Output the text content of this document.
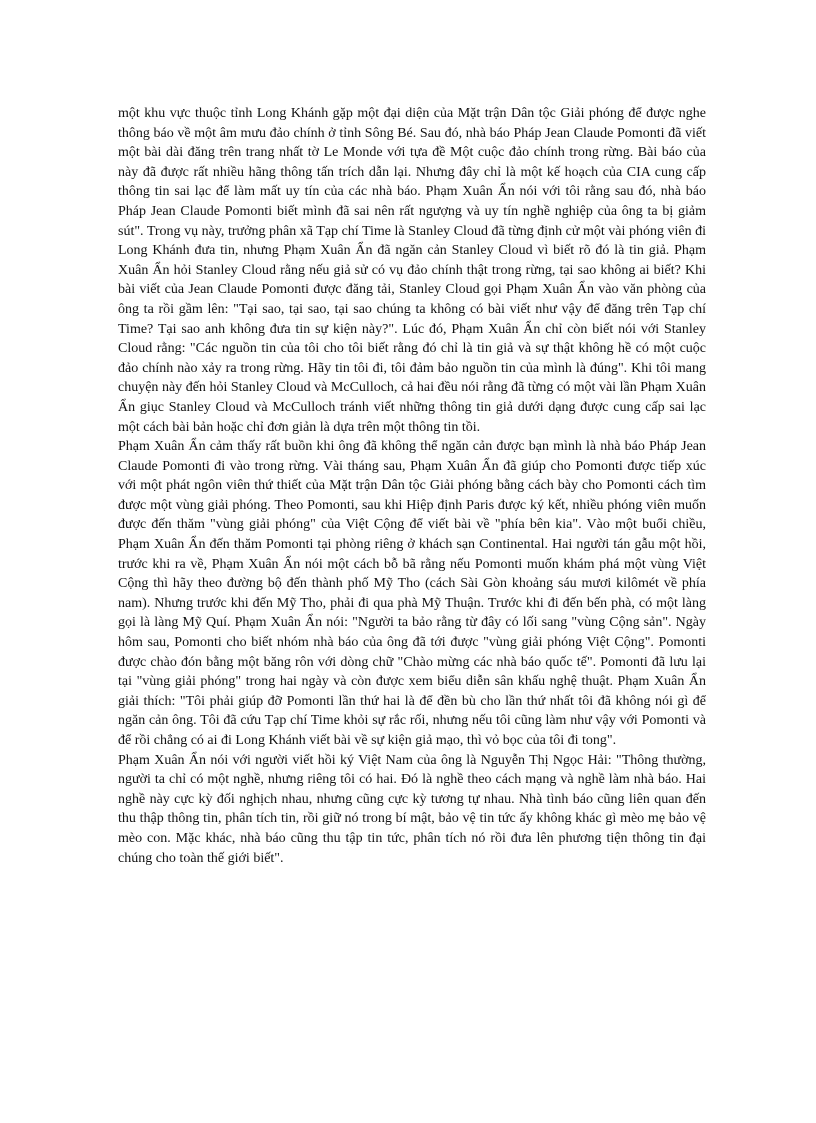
một khu vực thuộc tỉnh Long Khánh gặp một đại diện của Mặt trận Dân tộc Giải phóng để được nghe thông báo về một âm mưu đảo chính ở tỉnh Sông Bé. Sau đó, nhà báo Pháp Jean Claude Pomonti đã viết một bài dài đăng trên trang nhất tờ Le Monde với tựa đề Một cuộc đảo chính trong rừng. Bài báo của này đã được rất nhiều hãng thông tấn trích dẫn lại. Nhưng đây chỉ là một kế hoạch của CIA cung cấp thông tin sai lạc để làm mất uy tín của các nhà báo. Phạm Xuân Ẩn nói với tôi rằng sau đó, nhà báo Pháp Jean Claude Pomonti biết mình đã sai nên rất ngượng và uy tín nghề nghiệp của ông ta bị giảm sút". Trong vụ này, trưởng phân xã Tạp chí Time là Stanley Cloud đã từng định cử một vài phóng viên đi Long Khánh đưa tin, nhưng Phạm Xuân Ẩn đã ngăn cản Stanley Cloud vì biết rõ đó là tin giả. Phạm Xuân Ẩn hỏi Stanley Cloud rằng nếu giả sử có vụ đảo chính thật trong rừng, tại sao không ai biết? Khi bài viết của Jean Claude Pomonti được đăng tải, Stanley Cloud gọi Phạm Xuân Ẩn vào văn phòng của ông ta rồi gầm lên: "Tại sao, tại sao, tại sao chúng ta không có bài viết như vậy để đăng trên Tạp chí Time? Tại sao anh không đưa tin sự kiện này?". Lúc đó, Phạm Xuân Ẩn chỉ còn biết nói với Stanley Cloud rằng: "Các nguồn tin của tôi cho tôi biết rằng đó chỉ là tin giả và sự thật không hề có một cuộc đảo chính nào xảy ra trong rừng. Hãy tin tôi đi, tôi đảm bảo nguồn tin của mình là đúng". Khi tôi mang chuyện này đến hỏi Stanley Cloud và McCulloch, cả hai đều nói rằng đã từng có một vài lần Phạm Xuân Ẩn giục Stanley Cloud và McCulloch tránh viết những thông tin giả dưới dạng được cung cấp sai lạc một cách bài bản hoặc chỉ đơn giản là dựa trên một thông tin tồi.

Phạm Xuân Ẩn cảm thấy rất buồn khi ông đã không thể ngăn cản được bạn mình là nhà báo Pháp Jean Claude Pomonti đi vào trong rừng. Vài tháng sau, Phạm Xuân Ẩn đã giúp cho Pomonti được tiếp xúc với một phát ngôn viên thứ thiết của Mặt trận Dân tộc Giải phóng bằng cách bày cho Pomonti cách tìm được một vùng giải phóng. Theo Pomonti, sau khi Hiệp định Paris được ký kết, nhiều phóng viên muốn được đến thăm "vùng giải phóng" của Việt Cộng để viết bài về "phía bên kia". Vào một buổi chiều, Phạm Xuân Ẩn đến thăm Pomonti tại phòng riêng ở khách sạn Continental. Hai người tán gẫu một hồi, trước khi ra về, Phạm Xuân Ẩn nói một cách bỗ bã rằng nếu Pomonti muốn khám phá một vùng Việt Cộng thì hãy theo đường bộ đến thành phố Mỹ Tho (cách Sài Gòn khoảng sáu mươi kilômét về phía nam). Nhưng trước khi đến Mỹ Tho, phải đi qua phà Mỹ Thuận. Trước khi đi đến bến phà, có một làng gọi là làng Mỹ Quí. Phạm Xuân Ẩn nói: "Người ta bảo rằng từ đây có lối sang "vùng Cộng sản". Ngày hôm sau, Pomonti cho biết nhóm nhà báo của ông đã tới được "vùng giải phóng Việt Cộng". Pomonti được chào đón bằng một băng rôn với dòng chữ "Chào mừng các nhà báo quốc tế". Pomonti đã lưu lại tại "vùng giải phóng" trong hai ngày và còn được xem biểu diễn sân khấu nghệ thuật. Phạm Xuân Ẩn giải thích: "Tôi phải giúp đỡ Pomonti lần thứ hai là để đền bù cho lần thứ nhất tôi đã không nói gì để ngăn cản ông. Tôi đã cứu Tạp chí Time khỏi sự rắc rối, nhưng nếu tôi cũng làm như vậy với Pomonti và để rồi chẳng có ai đi Long Khánh viết bài về sự kiện giả mạo, thì vỏ bọc của tôi đi tong".

Phạm Xuân Ẩn nói với người viết hồi ký Việt Nam của ông là Nguyễn Thị Ngọc Hải: "Thông thường, người ta chỉ có một nghề, nhưng riêng tôi có hai. Đó là nghề theo cách mạng và nghề làm nhà báo. Hai nghề này cực kỳ đối nghịch nhau, nhưng cũng cực kỳ tương tự nhau. Nhà tình báo cũng liên quan đến thu thập thông tin, phân tích tin, rồi giữ nó trong bí mật, bảo vệ tin tức ấy không khác gì mèo mẹ bảo vệ mèo con. Mặc khác, nhà báo cũng thu tập tin tức, phân tích nó rồi đưa lên phương tiện thông tin đại chúng cho toàn thế giới biết".
